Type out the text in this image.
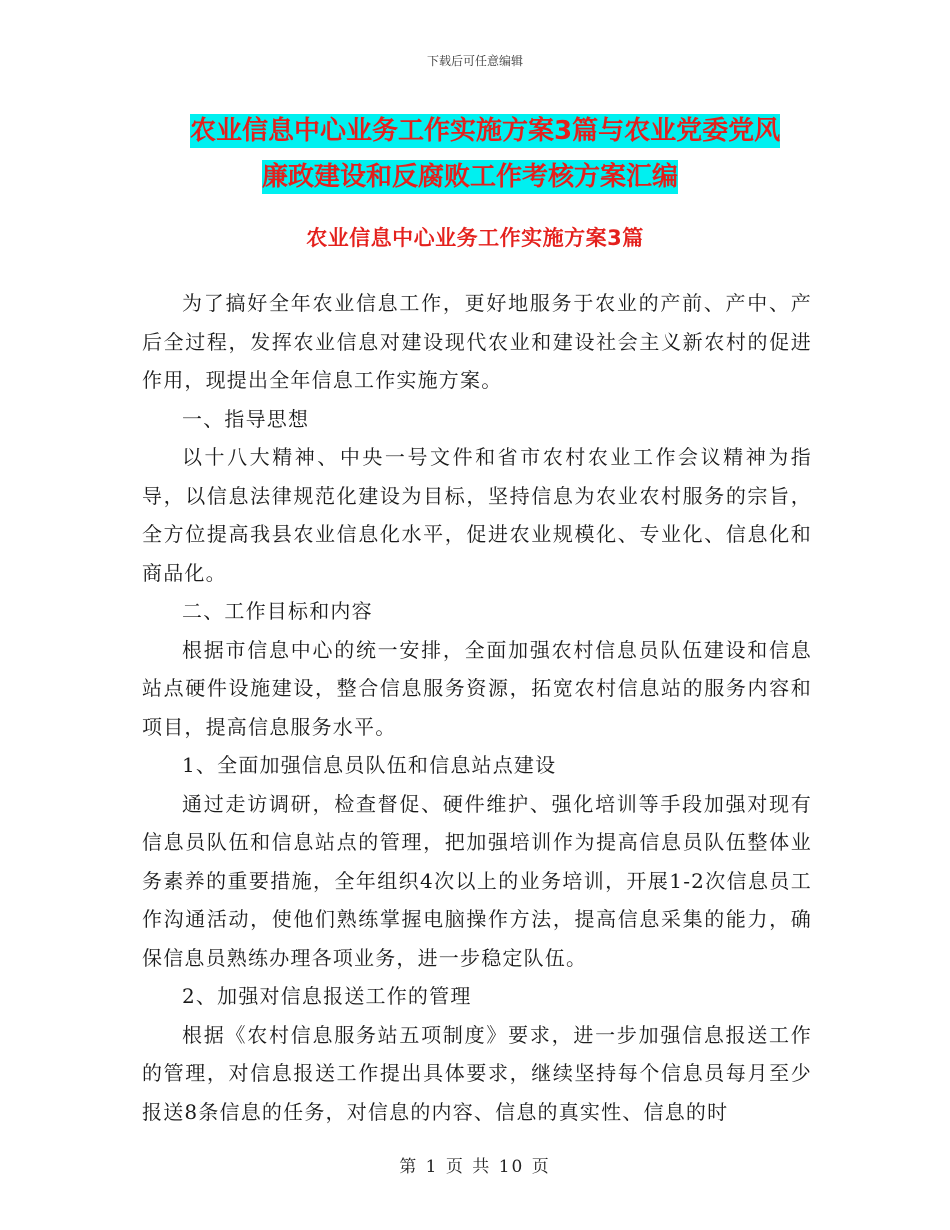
下载后可任意编辑
农业信息中心业务工作实施方案3篇与农业党委党风
廉政建设和反腐败工作考核方案汇编
农业信息中心业务工作实施方案3篇

为了搞好全年农业信息工作，更好地服务于农业的产前、产中、产后全过程，发挥农业信息对建设现代农业和建设社会主义新农村的促进作用，现提出全年信息工作实施方案。

一、指导思想

以十八大精神、中央一号文件和省市农村农业工作会议精神为指导，以信息法律规范化建设为目标，坚持信息为农业农村服务的宗旨，全方位提高我县农业信息化水平，促进农业规模化、专业化、信息化和商品化。

二、工作目标和内容

根据市信息中心的统一安排，全面加强农村信息员队伍建设和信息站点硬件设施建设，整合信息服务资源，拓宽农村信息站的服务内容和项目，提高信息服务水平。

1、全面加强信息员队伍和信息站点建设

通过走访调研，检查督促、硬件维护、强化培训等手段加强对现有信息员队伍和信息站点的管理，把加强培训作为提高信息员队伍整体业务素养的重要措施，全年组织4次以上的业务培训，开展1-2次信息员工作沟通活动，使他们熟练掌握电脑操作方法，提高信息采集的能力，确保信息员熟练办理各项业务，进一步稳定队伍。

2、加强对信息报送工作的管理

根据《农村信息服务站五项制度》要求，进一步加强信息报送工作的管理，对信息报送工作提出具体要求，继续坚持每个信息员每月至少报送8条信息的任务，对信息的内容、信息的真实性、信息的时

第 1 页 共 10 页
